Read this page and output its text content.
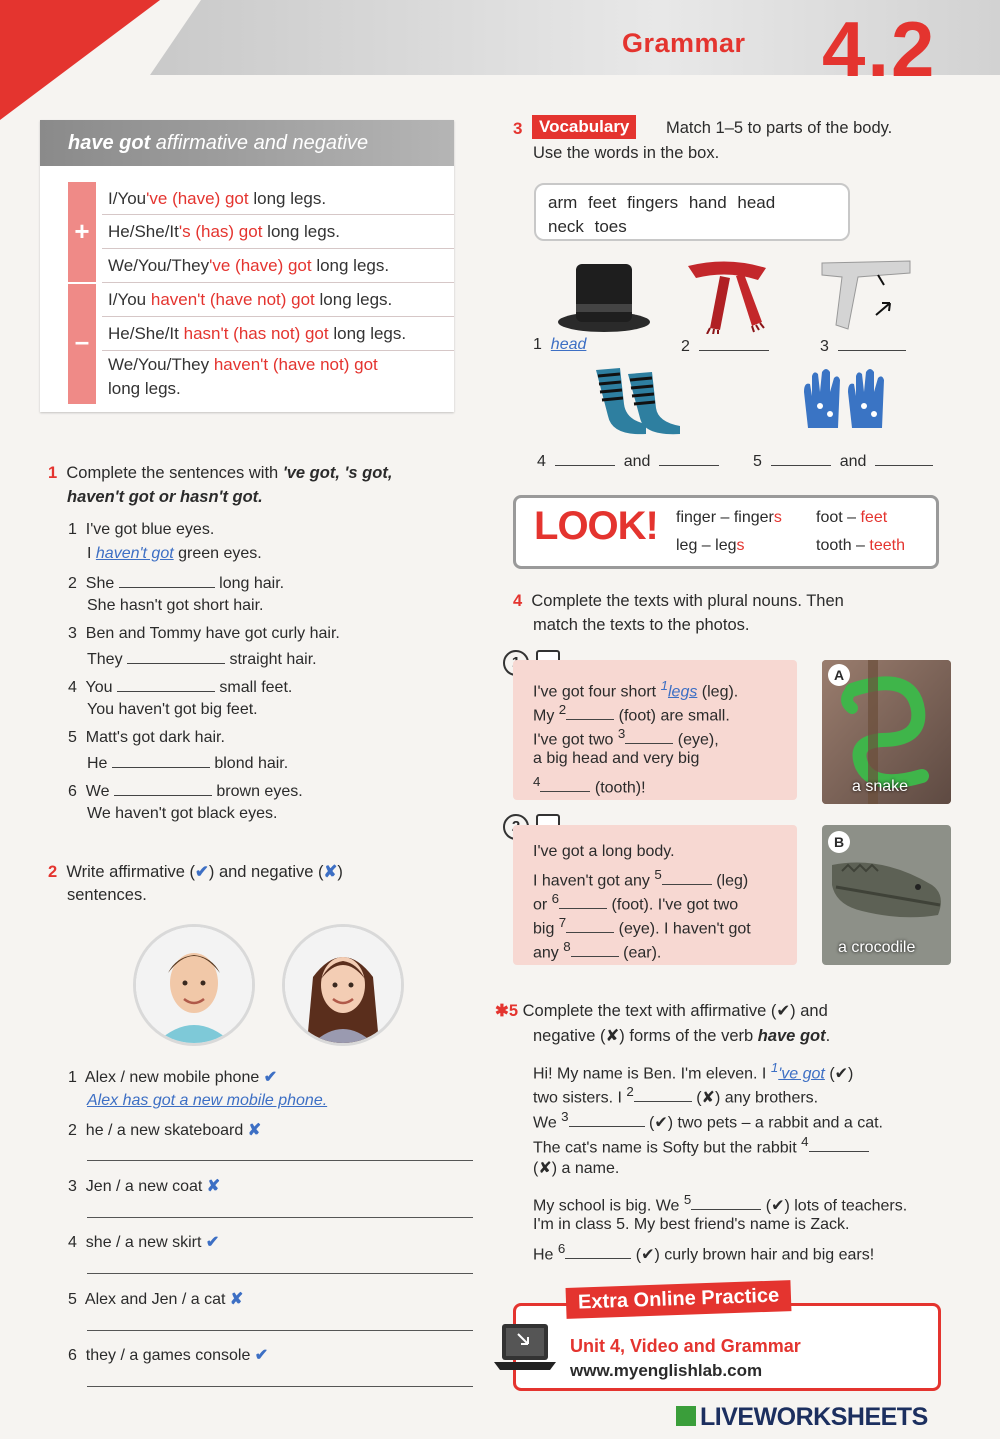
Grammar 4.2
have got affirmative and negative
+
–
I/You've (have) got long legs.
He/She/It's (has) got long legs.
We/You/They've (have) got long legs.
I/You haven't (have not) got long legs.
He/She/It hasn't (has not) got long legs.
We/You/They haven't (have not) got
long legs.
1 Complete the sentences with 've got, 's got,
haven't got or hasn't got.
1 I've got blue eyes.
I haven't got green eyes.
2 She	long hair.
She hasn't got short hair.
3 Ben and Tommy have got curly hair.
They	straight hair.
4 You	small feet.
You haven't got big feet.
5 Matt's got dark hair.
He	blond hair.
6 We	brown eyes.
We haven't got black eyes.
2 Write affirmative (✔) and negative (✘)
sentences.
1 Alex / new mobile phone ✔
Alex has got a new mobile phone.
2 he / a new skateboard ✘
3 Jen / a new coat ✘
4 she / a new skirt ✔
5 Alex and Jen / a cat ✘
6 they / a games console ✔
3 Vocabulary	Match 1–5 to parts of the body.
Use the words in the box.
arm feet fingers hand head
neck toes
1 head	2	3
4	and	5	and
LOOK! finger – fingers foot – feet
leg – legs	tooth – teeth
4 Complete the texts with plural nouns. Then
match the texts to the photos.
I've got four short $^1$legs (leg).
My $^2$	(foot) are small.
I've got two $^3$	(eye),
a big head and very big
$^4$	(tooth)!
A
a snake
I've got a long body.
I haven't got any $^5$	(leg)
or $^6$	(foot). I've got two
big $^7$	(eye). I haven't got
any $^8$	(ear).
B
a crocodile
✱5 Complete the text with affirmative (✔) and
negative (✘) forms of the verb have got.
Hi! My name is Ben. I'm eleven. I $^1$'ve got (✔)
two sisters. I $^2$	(✘) any brothers.
We $^3$	(✔) two pets – a rabbit and a cat.
The cat's name is Softy but the rabbit $^4$
(✘) a name.
My school is big. We $^5$	(✔) lots of teachers.
I'm in class 5. My best friend's name is Zack.
He $^6$	(✔) curly brown hair and big ears!
Extra Online Practice
Unit 4, Video and Grammar
www.myenglishlab.com
LIVEWORKSHEETS
